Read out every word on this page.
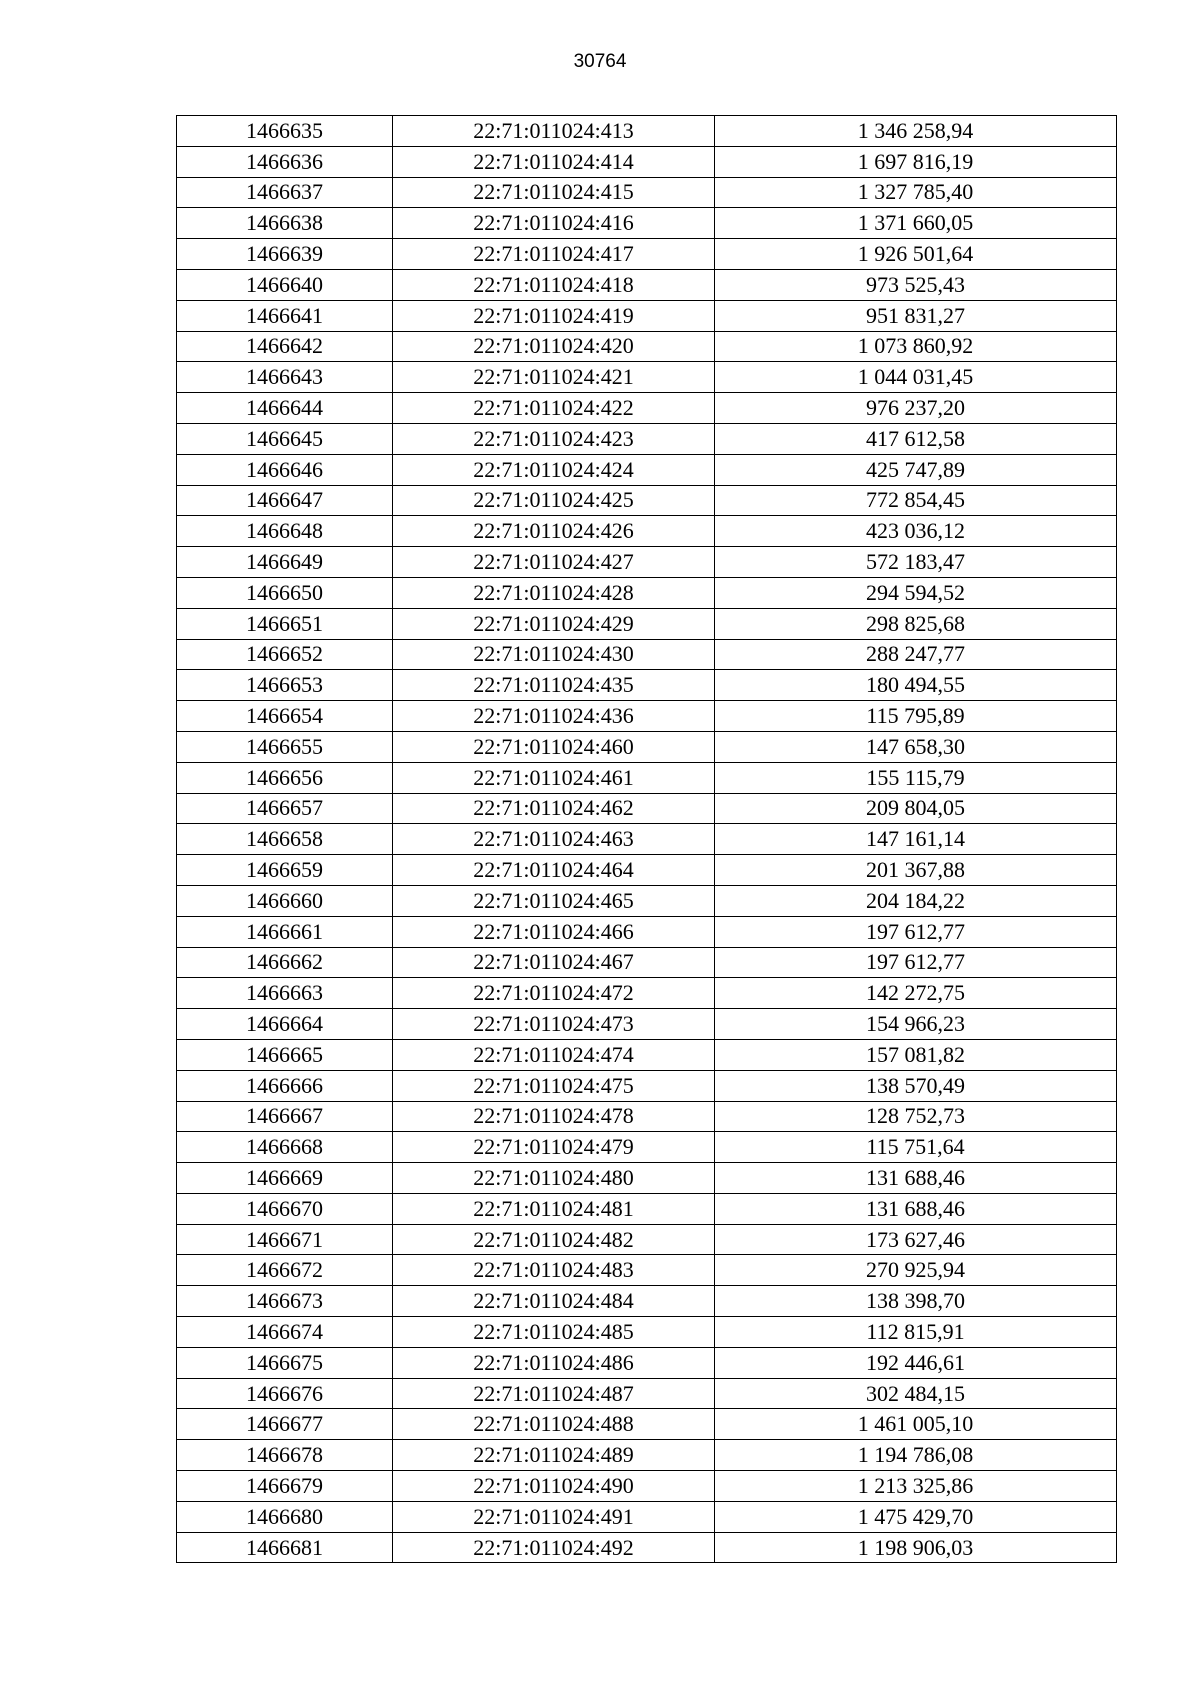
30764
1466635	22:71:011024:413	1 346 258,94
1466636	22:71:011024:414	1 697 816,19
1466637	22:71:011024:415	1 327 785,40
1466638	22:71:011024:416	1 371 660,05
1466639	22:71:011024:417	1 926 501,64
1466640	22:71:011024:418	973 525,43
1466641	22:71:011024:419	951 831,27
1466642	22:71:011024:420	1 073 860,92
1466643	22:71:011024:421	1 044 031,45
1466644	22:71:011024:422	976 237,20
1466645	22:71:011024:423	417 612,58
1466646	22:71:011024:424	425 747,89
1466647	22:71:011024:425	772 854,45
1466648	22:71:011024:426	423 036,12
1466649	22:71:011024:427	572 183,47
1466650	22:71:011024:428	294 594,52
1466651	22:71:011024:429	298 825,68
1466652	22:71:011024:430	288 247,77
1466653	22:71:011024:435	180 494,55
1466654	22:71:011024:436	115 795,89
1466655	22:71:011024:460	147 658,30
1466656	22:71:011024:461	155 115,79
1466657	22:71:011024:462	209 804,05
1466658	22:71:011024:463	147 161,14
1466659	22:71:011024:464	201 367,88
1466660	22:71:011024:465	204 184,22
1466661	22:71:011024:466	197 612,77
1466662	22:71:011024:467	197 612,77
1466663	22:71:011024:472	142 272,75
1466664	22:71:011024:473	154 966,23
1466665	22:71:011024:474	157 081,82
1466666	22:71:011024:475	138 570,49
1466667	22:71:011024:478	128 752,73
1466668	22:71:011024:479	115 751,64
1466669	22:71:011024:480	131 688,46
1466670	22:71:011024:481	131 688,46
1466671	22:71:011024:482	173 627,46
1466672	22:71:011024:483	270 925,94
1466673	22:71:011024:484	138 398,70
1466674	22:71:011024:485	112 815,91
1466675	22:71:011024:486	192 446,61
1466676	22:71:011024:487	302 484,15
1466677	22:71:011024:488	1 461 005,10
1466678	22:71:011024:489	1 194 786,08
1466679	22:71:011024:490	1 213 325,86
1466680	22:71:011024:491	1 475 429,70
1466681	22:71:011024:492	1 198 906,03
